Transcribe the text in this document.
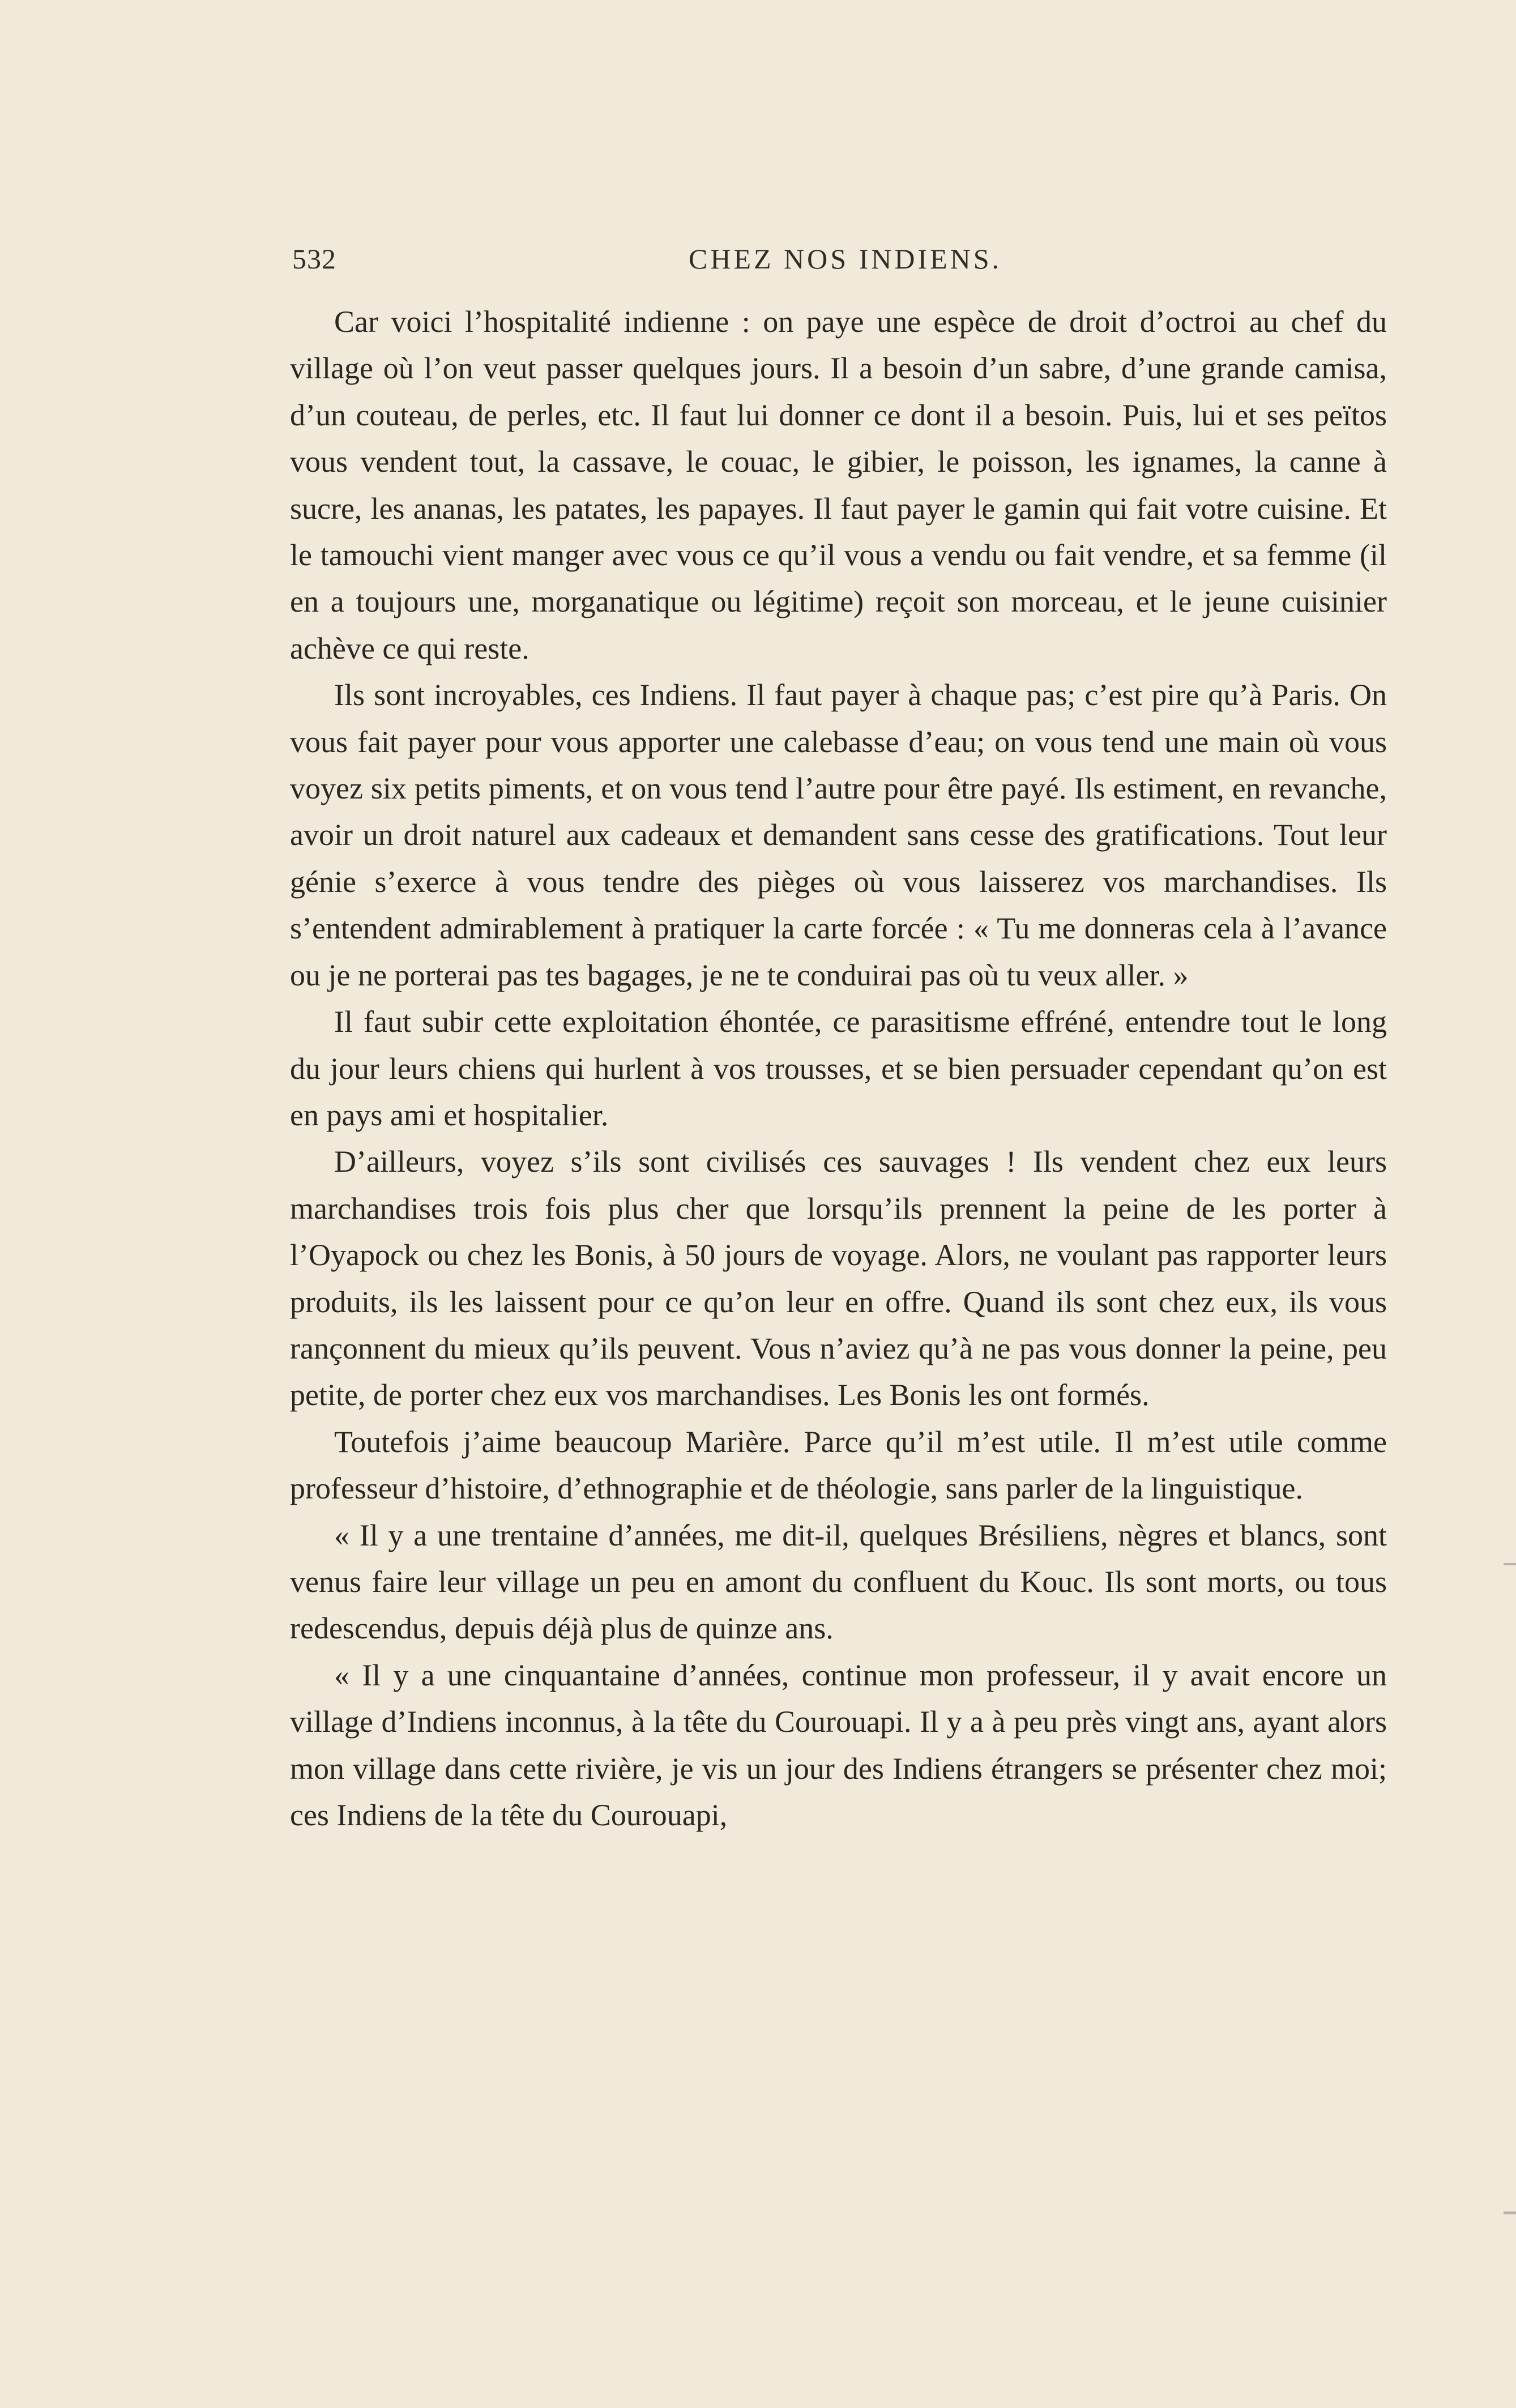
532	CHEZ NOS INDIENS.

Car voici l’hospitalité indienne : on paye une espèce de droit d’octroi au chef du village où l’on veut passer quelques jours. Il a besoin d’un sabre, d’une grande camisa, d’un couteau, de perles, etc. Il faut lui donner ce dont il a besoin. Puis, lui et ses peïtos vous vendent tout, la cassave, le couac, le gibier, le poisson, les ignames, la canne à sucre, les ananas, les patates, les papayes. Il faut payer le gamin qui fait votre cuisine. Et le tamouchi vient manger avec vous ce qu’il vous a vendu ou fait vendre, et sa femme (il en a toujours une, morganatique ou légitime) reçoit son morceau, et le jeune cuisinier achève ce qui reste.

Ils sont incroyables, ces Indiens. Il faut payer à chaque pas; c’est pire qu’à Paris. On vous fait payer pour vous apporter une calebasse d’eau; on vous tend une main où vous voyez six petits piments, et on vous tend l’autre pour être payé. Ils estiment, en revanche, avoir un droit naturel aux cadeaux et demandent sans cesse des gratifications. Tout leur génie s’exerce à vous tendre des pièges où vous laisserez vos marchandises. Ils s’entendent admirablement à pratiquer la carte forcée : « Tu me donneras cela à l’avance ou je ne porterai pas tes bagages, je ne te conduirai pas où tu veux aller. »

Il faut subir cette exploitation éhontée, ce parasitisme effréné, entendre tout le long du jour leurs chiens qui hurlent à vos trousses, et se bien persuader cependant qu’on est en pays ami et hospitalier.

D’ailleurs, voyez s’ils sont civilisés ces sauvages ! Ils vendent chez eux leurs marchandises trois fois plus cher que lorsqu’ils prennent la peine de les porter à l’Oyapock ou chez les Bonis, à 50 jours de voyage. Alors, ne voulant pas rapporter leurs produits, ils les laissent pour ce qu’on leur en offre. Quand ils sont chez eux, ils vous rançonnent du mieux qu’ils peuvent. Vous n’aviez qu’à ne pas vous donner la peine, peu petite, de porter chez eux vos marchandises. Les Bonis les ont formés.

Toutefois j’aime beaucoup Marière. Parce qu’il m’est utile. Il m’est utile comme professeur d’histoire, d’ethnographie et de théologie, sans parler de la linguistique.

« Il y a une trentaine d’années, me dit-il, quelques Brésiliens, nègres et blancs, sont venus faire leur village un peu en amont du confluent du Kouc. Ils sont morts, ou tous redescendus, depuis déjà plus de quinze ans.

« Il y a une cinquantaine d’années, continue mon professeur, il y avait encore un village d’Indiens inconnus, à la tête du Courouapi. Il y a à peu près vingt ans, ayant alors mon village dans cette rivière, je vis un jour des Indiens étrangers se présenter chez moi; ces Indiens de la tête du Courouapi,
